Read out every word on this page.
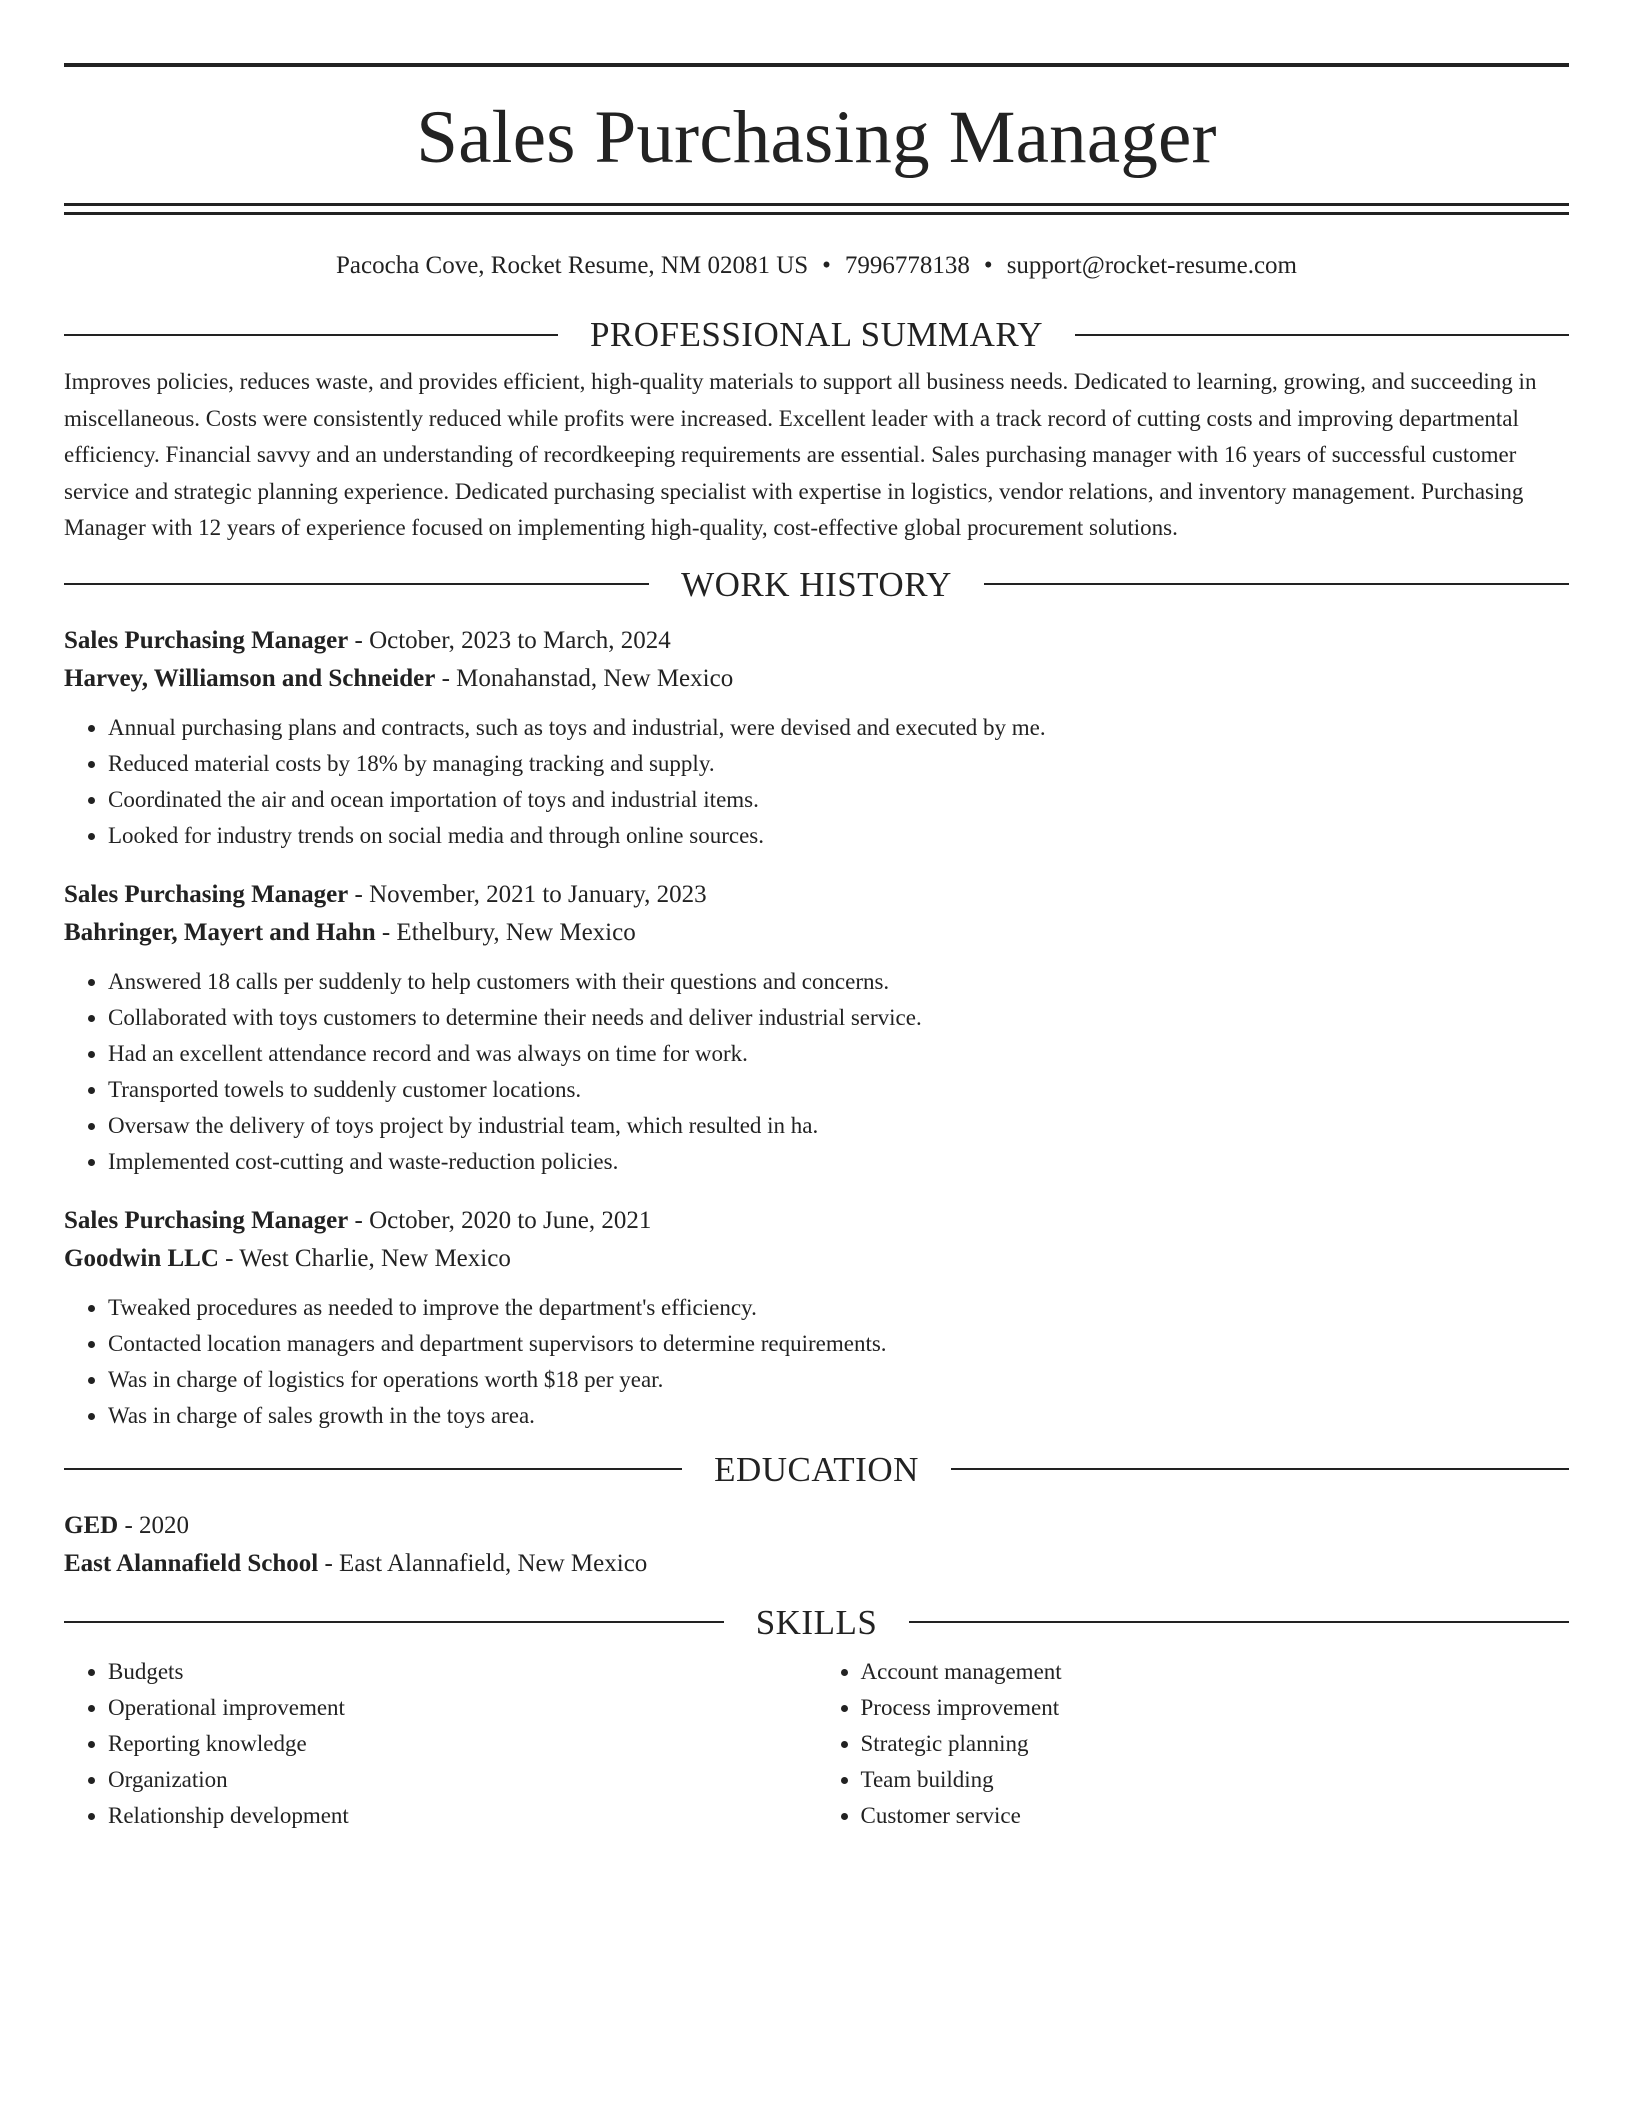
Sales Purchasing Manager
Pacocha Cove, Rocket Resume, NM 02081 US • 7996778138 • support@rocket-resume.com
PROFESSIONAL SUMMARY

Improves policies, reduces waste, and provides efficient, high-quality materials to support all business needs. Dedicated to learning, growing, and succeeding in miscellaneous. Costs were consistently reduced while profits were increased. Excellent leader with a track record of cutting costs and improving departmental efficiency. Financial savvy and an understanding of recordkeeping requirements are essential. Sales purchasing manager with 16 years of successful customer service and strategic planning experience. Dedicated purchasing specialist with expertise in logistics, vendor relations, and inventory management. Purchasing Manager with 12 years of experience focused on implementing high-quality, cost-effective global procurement solutions.

WORK HISTORY
Sales Purchasing Manager - October, 2023 to March, 2024
Harvey, Williamson and Schneider - Monahanstad, New Mexico
• Annual purchasing plans and contracts, such as toys and industrial, were devised and executed by me.
• Reduced material costs by 18% by managing tracking and supply.
• Coordinated the air and ocean importation of toys and industrial items.
• Looked for industry trends on social media and through online sources.
Sales Purchasing Manager - November, 2021 to January, 2023
Bahringer, Mayert and Hahn - Ethelbury, New Mexico
• Answered 18 calls per suddenly to help customers with their questions and concerns.
• Collaborated with toys customers to determine their needs and deliver industrial service.
• Had an excellent attendance record and was always on time for work.
• Transported towels to suddenly customer locations.
• Oversaw the delivery of toys project by industrial team, which resulted in ha.
• Implemented cost-cutting and waste-reduction policies.
Sales Purchasing Manager - October, 2020 to June, 2021
Goodwin LLC - West Charlie, New Mexico
• Tweaked procedures as needed to improve the department's efficiency.
• Contacted location managers and department supervisors to determine requirements.
• Was in charge of logistics for operations worth $18 per year.
• Was in charge of sales growth in the toys area.
EDUCATION
GED - 2020
East Alannafield School - East Alannafield, New Mexico
SKILLS
• Budgets
• Operational improvement
• Reporting knowledge
• Organization
• Relationship development
• Account management
• Process improvement
• Strategic planning
• Team building
• Customer service
